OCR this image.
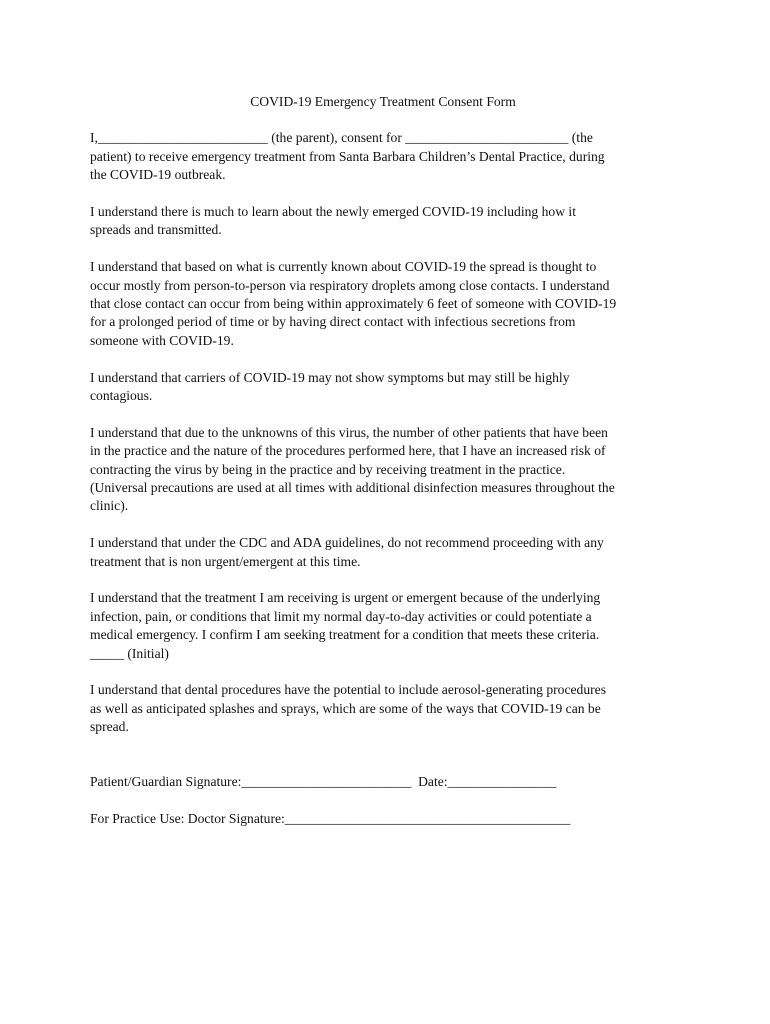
COVID-19 Emergency Treatment Consent Form

I,_________________________ (the parent), consent for ________________________ (the
patient) to receive emergency treatment from Santa Barbara Children’s Dental Practice, during
the COVID-19 outbreak.

I understand there is much to learn about the newly emerged COVID-19 including how it
spreads and transmitted.

I understand that based on what is currently known about COVID-19 the spread is thought to
occur mostly from person-to-person via respiratory droplets among close contacts. I understand
that close contact can occur from being within approximately 6 feet of someone with COVID-19
for a prolonged period of time or by having direct contact with infectious secretions from
someone with COVID-19.

I understand that carriers of COVID-19 may not show symptoms but may still be highly
contagious.

I understand that due to the unknowns of this virus, the number of other patients that have been
in the practice and the nature of the procedures performed here, that I have an increased risk of
contracting the virus by being in the practice and by receiving treatment in the practice.
(Universal precautions are used at all times with additional disinfection measures throughout the
clinic).

I understand that under the CDC and ADA guidelines, do not recommend proceeding with any
treatment that is non urgent/emergent at this time.

I understand that the treatment I am receiving is urgent or emergent because of the underlying
infection, pain, or conditions that limit my normal day-to-day activities or could potentiate a
medical emergency. I confirm I am seeking treatment for a condition that meets these criteria.
_____ (Initial)

I understand that dental procedures have the potential to include aerosol-generating procedures
as well as anticipated splashes and sprays, which are some of the ways that COVID-19 can be
spread.

Patient/Guardian Signature:_________________________  Date:________________
For Practice Use: Doctor Signature:__________________________________________
